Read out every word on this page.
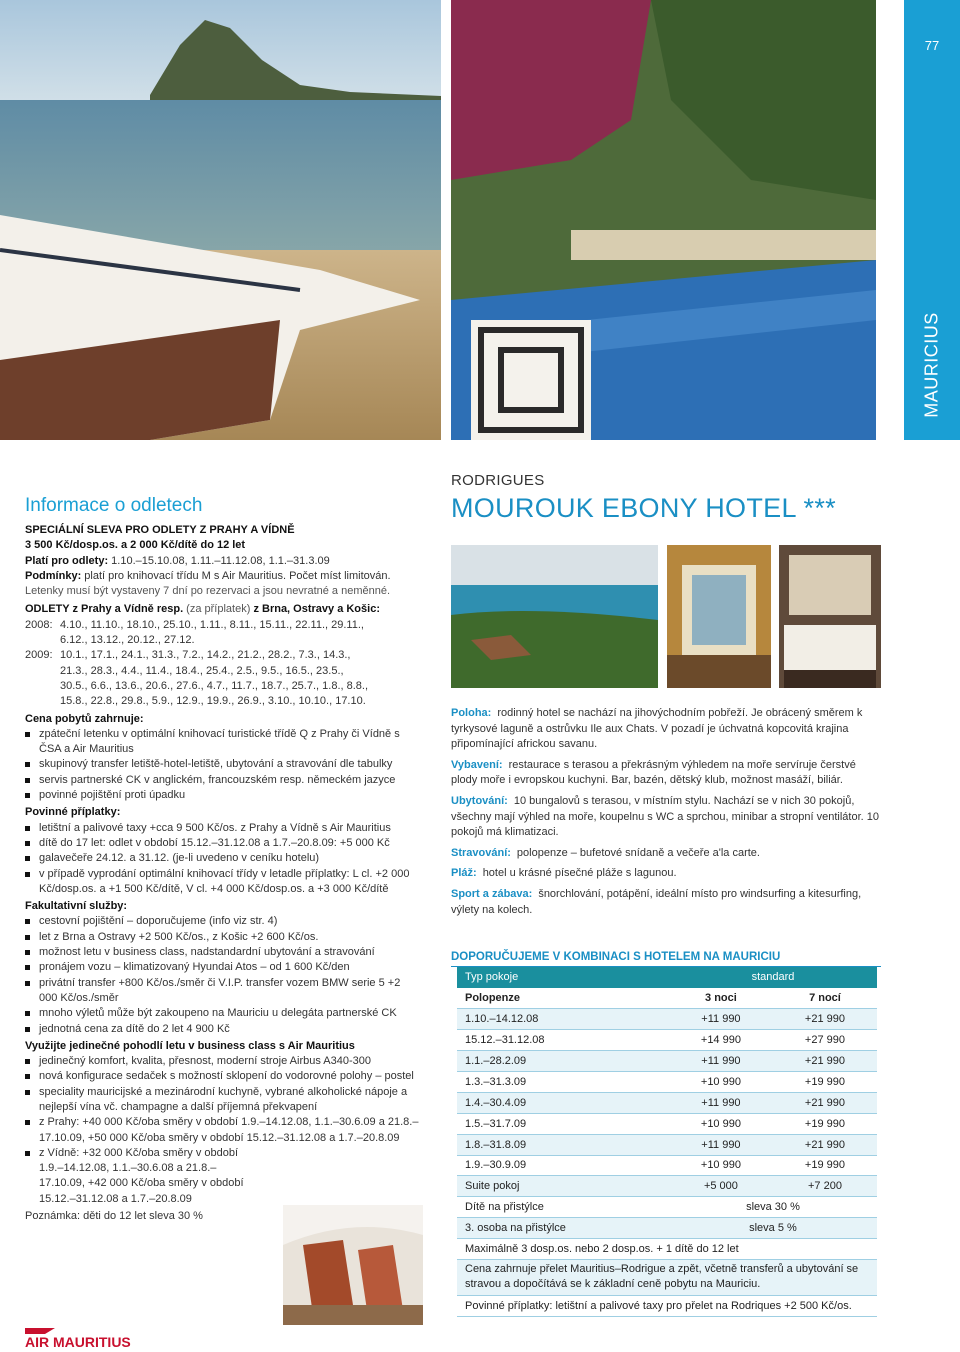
77
MAURICIUS
Informace o odletech
SPECIÁLNÍ SLEVA PRO ODLETY Z PRAHY A VÍDNĚ
3 500 Kč/dosp.os. a 2 000 Kč/dítě do 12 let
Platí pro odlety: 1.10.–15.10.08, 1.11.–11.12.08, 1.1.–31.3.09
Podmínky: platí pro knihovací třídu M s Air Mauritius. Počet míst limitován.
Letenky musí být vystaveny 7 dní po rezervaci a jsou nevratné a neměnné.
ODLETY z Prahy a Vídně resp. (za příplatek) z Brna, Ostravy a Košic:
2008: 4.10., 11.10., 18.10., 25.10., 1.11., 8.11., 15.11., 22.11., 29.11.,
6.12., 13.12., 20.12., 27.12.
2009: 10.1., 17.1., 24.1., 31.3., 7.2., 14.2., 21.2., 28.2., 7.3., 14.3.,
21.3., 28.3., 4.4., 11.4., 18.4., 25.4., 2.5., 9.5., 16.5., 23.5.,
30.5., 6.6., 13.6., 20.6., 27.6., 4.7., 11.7., 18.7., 25.7., 1.8., 8.8.,
15.8., 22.8., 29.8., 5.9., 12.9., 19.9., 26.9., 3.10., 10.10., 17.10.
Cena pobytů zahrnuje:
zpáteční letenku v optimální knihovací turistické třídě Q z Prahy či Vídně s ČSA a Air Mauritius
skupinový transfer letiště-hotel-letiště, ubytování a stravování dle tabulky
servis partnerské CK v anglickém, francouzském resp. německém jazyce
povinné pojištění proti úpadku
Povinné příplatky:
letištní a palivové taxy +cca 9 500 Kč/os. z Prahy a Vídně s Air Mauritius
dítě do 17 let: odlet v období 15.12.–31.12.08 a 1.7.–20.8.09: +5 000 Kč
galavečeře 24.12. a 31.12. (je-li uvedeno v ceníku hotelu)
v případě vyprodání optimální knihovací třídy v letadle příplatky: L cl. +2 000 Kč/dosp.os. a +1 500 Kč/dítě, V cl. +4 000 Kč/dosp.os. a +3 000 Kč/dítě
Fakultativní služby:
cestovní pojištění – doporučujeme (info viz str. 4)
let z Brna a Ostravy +2 500 Kč/os., z Košic +2 600 Kč/os.
možnost letu v business class, nadstandardní ubytování a stravování
pronájem vozu – klimatizovaný Hyundai Atos – od 1 600 Kč/den
privátní transfer +800 Kč/os./směr či V.I.P. transfer vozem BMW serie 5 +2 000 Kč/os./směr
mnoho výletů může být zakoupeno na Mauriciu u delegáta partnerské CK
jednotná cena za dítě do 2 let 4 900 Kč
Využijte jedinečné pohodlí letu v business class s Air Mauritius
jedinečný komfort, kvalita, přesnost, moderní stroje Airbus A340-300
nová konfigurace sedaček s možností sklopení do vodorovné polohy – postel
speciality mauricijské a mezinárodní kuchyně, vybrané alkoholické nápoje a nejlepší vína vč. champagne a další příjemná překvapení
z Prahy: +40 000 Kč/oba směry v období 1.9.–14.12.08, 1.1.–30.6.09 a 21.8.–17.10.09, +50 000 Kč/oba směry v období 15.12.–31.12.08 a 1.7.–20.8.09
z Vídně: +32 000 Kč/oba směry v období 1.9.–14.12.08, 1.1.–30.6.08 a 21.8.–17.10.09, +42 000 Kč/oba směry v období 15.12.–31.12.08 a 1.7.–20.8.09
Poznámka: děti do 12 let sleva 30 %
AIR MAURITIUS
RODRIGUES
MOUROUK EBONY HOTEL ***

Poloha: rodinný hotel se nachází na jihovýchodním pobřeží. Je obrácený směrem k tyrkysové laguně a ostrůvku Ile aux Chats. V pozadí je úchvatná kopcovitá krajina připomínající africkou savanu.

Vybavení: restaurace s terasou a překrásným výhledem na moře servíruje čerstvé plody moře i evropskou kuchyni. Bar, bazén, dětský klub, možnost masáží, biliár.

Ubytování: 10 bungalovů s terasou, v místním stylu. Nachází se v nich 30 pokojů, všechny mají výhled na moře, koupelnu s WC a sprchou, minibar a stropní ventilátor. 10 pokojů má klimatizaci.

Stravování: polopenze – bufetové snídaně a večeře a'la carte.

Pláž: hotel u krásné písečné pláže s lagunou.

Sport a zábava: šnorchlování, potápění, ideální místo pro windsurfing a kitesurfing, výlety na kolech.

DOPORUČUJEME V KOMBINACI S HOTELEM NA MAURICIU
Typ pokoje	standard	
Polopenze	3 noci	7 nocí
1.10.–14.12.08	+11 990	+21 990
15.12.–31.12.08	+14 990	+27 990
1.1.–28.2.09	+11 990	+21 990
1.3.–31.3.09	+10 990	+19 990
1.4.–30.4.09	+11 990	+21 990
1.5.–31.7.09	+10 990	+19 990
1.8.–31.8.09	+11 990	+21 990
1.9.–30.9.09	+10 990	+19 990
Suite pokoj	+5 000	+7 200
Dítě na přistýlce	sleva 30 %	
3. osoba na přistýlce	sleva 5 %	
Maximálně 3 dosp.os. nebo 2 dosp.os. + 1 dítě do 12 let		
Cena zahrnuje přelet Mauritius–Rodrigue a zpět, včetně transferů a ubytování se stravou a dopočítává se k základní ceně pobytu na Mauriciu.		
Povinné příplatky: letištní a palivové taxy pro přelet na Rodriques +2 500 Kč/os.		
